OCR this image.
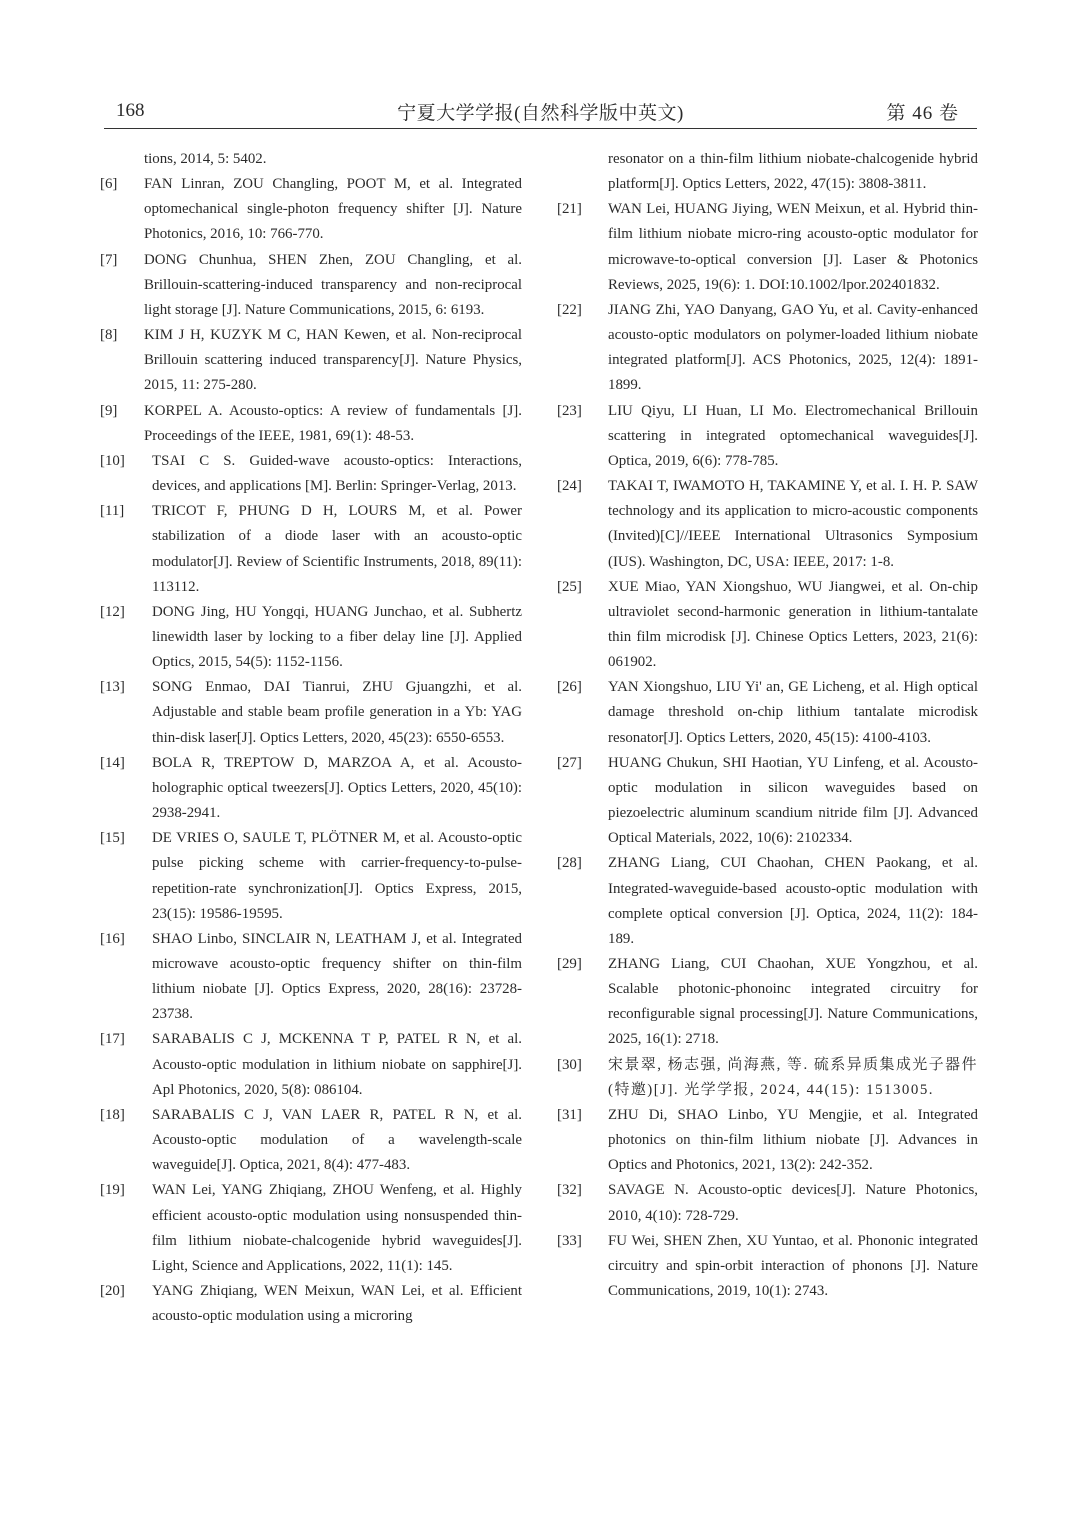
168	宁夏大学学报(自然科学版中英文)	第 46 卷
tions, 2014, 5: 5402.
[6]	FAN Linran, ZOU Changling, POOT M, et al. Integrated optomechanical single-photon frequency shifter [J]. Nature Photonics, 2016, 10: 766-770.
[7]	DONG Chunhua, SHEN Zhen, ZOU Changling, et al. Brillouin-scattering-induced transparency and non-reciprocal light storage [J]. Nature Communications, 2015, 6: 6193.
[8]	KIM J H, KUZYK M C, HAN Kewen, et al. Non-reciprocal Brillouin scattering induced transparency[J]. Nature Physics, 2015, 11: 275-280.
[9]	KORPEL A. Acousto-optics: A review of fundamentals [J]. Proceedings of the IEEE, 1981, 69(1): 48-53.
[10]	TSAI C S. Guided-wave acousto-optics: Interactions, devices, and applications [M]. Berlin: Springer-Verlag, 2013.
[11]	TRICOT F, PHUNG D H, LOURS M, et al. Power stabilization of a diode laser with an acousto-optic modulator[J]. Review of Scientific Instruments, 2018, 89(11): 113112.
[12]	DONG Jing, HU Yongqi, HUANG Junchao, et al. Subhertz linewidth laser by locking to a fiber delay line [J]. Applied Optics, 2015, 54(5): 1152-1156.
[13]	SONG Enmao, DAI Tianrui, ZHU Gjuangzhi, et al. Adjustable and stable beam profile generation in a Yb: YAG thin-disk laser[J]. Optics Letters, 2020, 45(23): 6550-6553.
[14]	BOLA R, TREPTOW D, MARZOA A, et al. Acousto-holographic optical tweezers[J]. Optics Letters, 2020, 45(10): 2938-2941.
[15]	DE VRIES O, SAULE T, PLÖTNER M, et al. Acousto-optic pulse picking scheme with carrier-frequency-to-pulse-repetition-rate synchronization[J]. Optics Express, 2015, 23(15): 19586-19595.
[16]	SHAO Linbo, SINCLAIR N, LEATHAM J, et al. Integrated microwave acousto-optic frequency shifter on thin-film lithium niobate [J]. Optics Express, 2020, 28(16): 23728-23738.
[17]	SARABALIS C J, MCKENNA T P, PATEL R N, et al. Acousto-optic modulation in lithium niobate on sapphire[J]. Apl Photonics, 2020, 5(8): 086104.
[18]	SARABALIS C J, VAN LAER R, PATEL R N, et al. Acousto-optic modulation of a wavelength-scale waveguide[J]. Optica, 2021, 8(4): 477-483.
[19]	WAN Lei, YANG Zhiqiang, ZHOU Wenfeng, et al. Highly efficient acousto-optic modulation using nonsuspended thin-film lithium niobate-chalcogenide hybrid waveguides[J]. Light, Science and Applications, 2022, 11(1): 145.
[20]	YANG Zhiqiang, WEN Meixun, WAN Lei, et al. Efficient acousto-optic modulation using a microring
resonator on a thin-film lithium niobate-chalcogenide hybrid platform[J]. Optics Letters, 2022, 47(15): 3808-3811.
[21]	WAN Lei, HUANG Jiying, WEN Meixun, et al. Hybrid thin-film lithium niobate micro-ring acousto-optic modulator for microwave-to-optical conversion [J]. Laser & Photonics Reviews, 2025, 19(6): 1. DOI:10.1002/lpor.202401832.
[22]	JIANG Zhi, YAO Danyang, GAO Yu, et al. Cavity-enhanced acousto-optic modulators on polymer-loaded lithium niobate integrated platform[J]. ACS Photonics, 2025, 12(4): 1891-1899.
[23]	LIU Qiyu, LI Huan, LI Mo. Electromechanical Brillouin scattering in integrated optomechanical waveguides[J]. Optica, 2019, 6(6): 778-785.
[24]	TAKAI T, IWAMOTO H, TAKAMINE Y, et al. I. H. P. SAW technology and its application to micro-acoustic components (Invited)[C]//IEEE International Ultrasonics Symposium (IUS). Washington, DC, USA: IEEE, 2017: 1-8.
[25]	XUE Miao, YAN Xiongshuo, WU Jiangwei, et al. On-chip ultraviolet second-harmonic generation in lithium-tantalate thin film microdisk [J]. Chinese Optics Letters, 2023, 21(6): 061902.
[26]	YAN Xiongshuo, LIU Yi' an, GE Licheng, et al. High optical damage threshold on-chip lithium tantalate microdisk resonator[J]. Optics Letters, 2020, 45(15): 4100-4103.
[27]	HUANG Chukun, SHI Haotian, YU Linfeng, et al. Acousto-optic modulation in silicon waveguides based on piezoelectric aluminum scandium nitride film [J]. Advanced Optical Materials, 2022, 10(6): 2102334.
[28]	ZHANG Liang, CUI Chaohan, CHEN Paokang, et al. Integrated-waveguide-based acousto-optic modulation with complete optical conversion [J]. Optica, 2024, 11(2): 184-189.
[29]	ZHANG Liang, CUI Chaohan, XUE Yongzhou, et al. Scalable photonic-phonoinc integrated circuitry for reconfigurable signal processing[J]. Nature Communications, 2025, 16(1): 2718.
[30]	宋景翠, 杨志强, 尚海燕, 等. 硫系异质集成光子器件(特邀)[J]. 光学学报, 2024, 44(15): 1513005.
[31]	ZHU Di, SHAO Linbo, YU Mengjie, et al. Integrated photonics on thin-film lithium niobate [J]. Advances in Optics and Photonics, 2021, 13(2): 242-352.
[32]	SAVAGE N. Acousto-optic devices[J]. Nature Photonics, 2010, 4(10): 728-729.
[33]	FU Wei, SHEN Zhen, XU Yuntao, et al. Phononic integrated circuitry and spin-orbit interaction of phonons [J]. Nature Communications, 2019, 10(1): 2743.
